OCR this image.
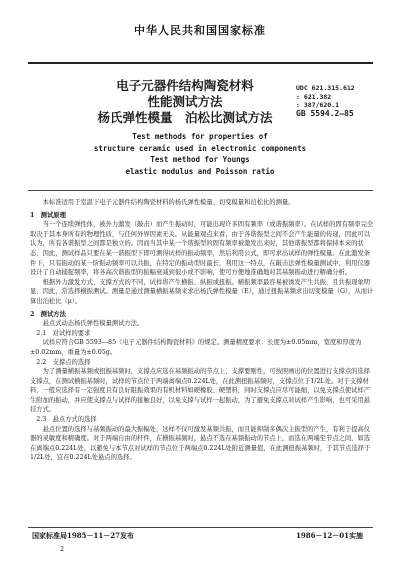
中华人民共和国国家标准
电子元器件结构陶瓷材料
性能测试方法
杨氏弹性模量　泊松比测试方法
UDC 621.315.612
: 621.382
: 387/620.1
GB 5594.2—85
Test methods for properties of
structure ceramic used in electronic components
Test method for Youngs
elastic modulus and Poisson ratio

本标准适用于室温下电子元器件结构陶瓷材料的杨氏弹性模量、切变模量和泊松比的测量。

1　测试原理

当一个连续弹性体，被外力激发（敲击）而产生振动时，可能出现许多固有频率（或谐振频率）。在试样的固有频率完全取决于其本身所有的物理性质，与任何外界因素无关。从能量观点来看，由于各谐振型之间不会产生能量的传递，因此可以认为，所有各谐振型之间都是独立的。因而当其中某一个谐振型的固有频率被激发出来时，其他谐振型都将保持本来的状态，因此，测试样品只要在某一谐振型下即可测得试样的振动频率，然后利用公式，即可求出试样的弹性模量。在此激发条件下，只有振动的某一阶振动频率可以共振，在特定的振动型时最长，利用这一特点，在敲击法弹性模量测试中，利用仪器设计了自动捕捉频率，将各高次谐振型的振幅衰减到很小或不影响，使可方便地准确地对其基频振动进行精确分析。

根据外力激发方式、支撑方式的不同，试样将产生横振、纵振或扭振。横振频率最容易被诱发产生共振，且共振现象明显，因此，常选择横振测试。测量是通过测量横振基频来求出杨氏弹性模量（E），通过扭振基频求出切变模量（G），从而计算出泊松比（μ）。

2　测试方法

悬点式动态杨氏弹性模量测试方法。

2.1　对试样的要求

试样应符合GB 5593—85《电子元器件结构陶瓷材料》的规定。测量精度要求：长度为±0.05mm，宽度和厚度为±0.02mm，重量为±0.05g。

2.2　支撑点的选择

为了测量横振基频或扭振基频时，支撑点应选在基频振动的节点上，支撑要刚性，可按照画出的位置进行支撑点的选择支撑点，在测试横振基频时，试样的节点位于两端离端点0.224L处，在此测扭振基频时，支撑点位于1/2L处。对于支撑材料，一般应选择有一定强度且有良好阻振效果的有机材料如硬橡胶、硬塑料，同时支撑点应尽可能细，以免支撑点使试样产生附加的振动，并应使支撑点与试样的接触良好，以免支撑与试样一起振动，为了避免支撑点对试样产生影响，也可采用悬挂方式。

2.3　悬点方式的选择

悬点位置的选择与基频振动的最大振幅处，这样不仅可激发基频共振，而且能抑制多偶次主振型的产生，有利于提高仪器的灵敏度和精确度。对于两端自由的杆件，在横振基频时，悬点不选在基频振动的节点上，而选在两端至节点之间，如选在离端点0.224L处，以避免与本节点对试样的节点位于两端点0.224L处附近测量值，在此测扭振基频时，于其节点选择于1/2L处，宜在0.224L处悬点的选择。

国家标准局1985－11－27发布	1986－12－01实施
2
